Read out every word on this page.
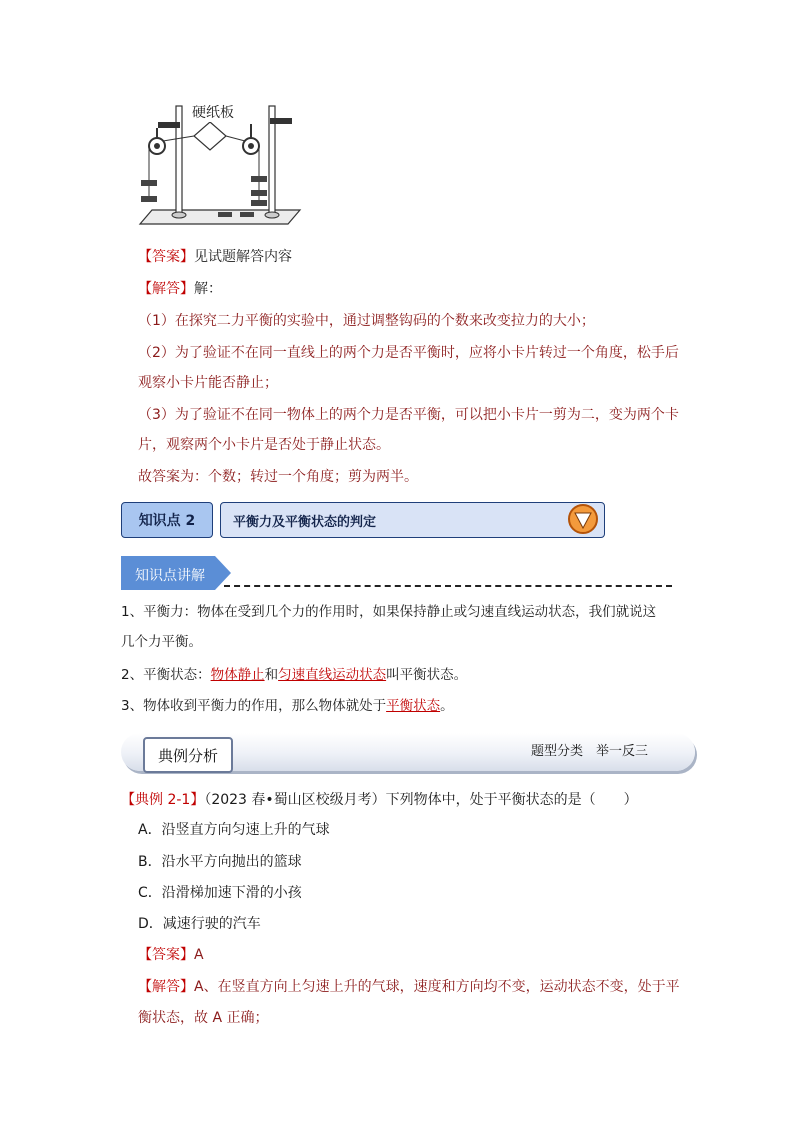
硬纸板
【答案】见试题解答内容
【解答】解：
（1）在探究二力平衡的实验中，通过调整钩码的个数来改变拉力的大小；
（2）为了验证不在同一直线上的两个力是否平衡时，应将小卡片转过一个角度，松手后
观察小卡片能否静止；
（3）为了验证不在同一物体上的两个力是否平衡，可以把小卡片一剪为二，变为两个卡
片，观察两个小卡片是否处于静止状态。
故答案为：个数；转过一个角度；剪为两半。
知识点 2	平衡力及平衡状态的判定
知识点讲解
1、平衡力：物体在受到几个力的作用时，如果保持静止或匀速直线运动状态，我们就说这
几个力平衡。
2、平衡状态：物体静止和匀速直线运动状态叫平衡状态。
3、物体收到平衡力的作用，那么物体就处于平衡状态。
典例分析	题型分类　举一反三
【典例 2-1】（2023 春•蜀山区校级月考）下列物体中，处于平衡状态的是（　　）
A．沿竖直方向匀速上升的气球
B．沿水平方向抛出的篮球
C．沿滑梯加速下滑的小孩
D．减速行驶的汽车
【答案】A
【解答】A、在竖直方向上匀速上升的气球，速度和方向均不变，运动状态不变，处于平
衡状态，故 A 正确；
